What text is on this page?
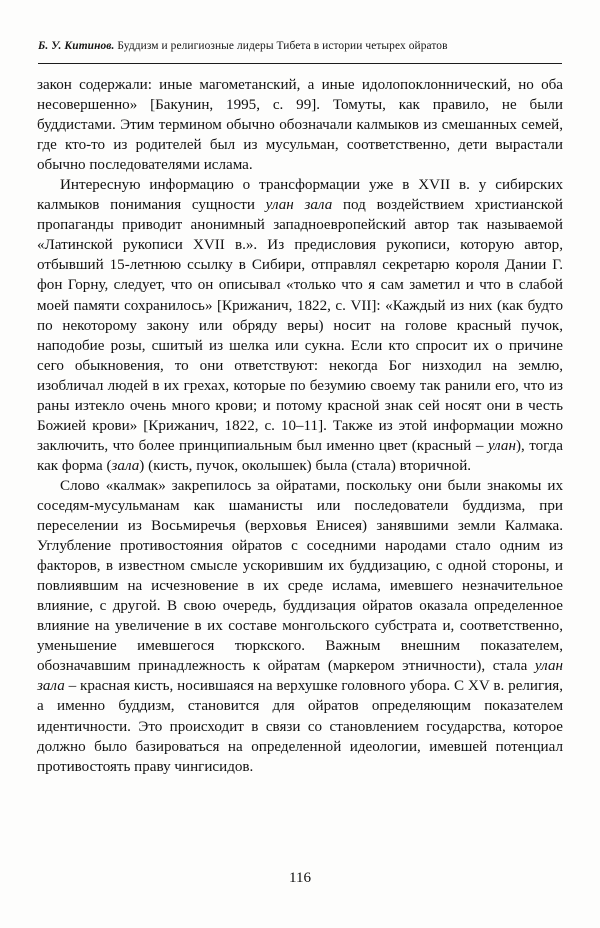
Б. У. Китинов. Буддизм и религиозные лидеры Тибета в истории четырех ойратов

закон содержали: иные магометанский, а иные идолопоклоннический, но оба несовершенно» [Бакунин, 1995, с. 99]. Томуты, как правило, не были буддистами. Этим термином обычно обозначали калмыков из смешанных семей, где кто-то из родителей был из мусульман, соответственно, дети вырастали обычно последователями ислама.

Интересную информацию о трансформации уже в XVII в. у сибирских калмыков понимания сущности улан зала под воздействием христианской пропаганды приводит анонимный западноевропейский автор так называемой «Латинской рукописи XVII в.». Из предисловия рукописи, которую автор, отбывший 15-летнюю ссылку в Сибири, отправлял секретарю короля Дании Г. фон Горну, следует, что он описывал «только что я сам заметил и что в слабой моей памяти сохранилось» [Крижанич, 1822, с. VII]: «Каждый из них (как будто по некоторому закону или обряду веры) носит на голове красный пучок, наподобие розы, сшитый из шелка или сукна. Если кто спросит их о причине сего обыкновения, то они ответствуют: некогда Бог низходил на землю, изобличал людей в их грехах, которые по безумию своему так ранили его, что из раны изтекло очень много крови; и потому красной знак сей носят они в честь Божией крови» [Крижанич, 1822, с. 10–11]. Также из этой информации можно заключить, что более принципиальным был именно цвет (красный – улан), тогда как форма (зала) (кисть, пучок, околышек) была (стала) вторичной.

Слово «калмак» закрепилось за ойратами, поскольку они были знакомы их соседям-мусульманам как шаманисты или последователи буддизма, при переселении из Восьмиречья (верховья Енисея) занявшими земли Калмака. Углубление противостояния ойратов с соседними народами стало одним из факторов, в известном смысле ускорившим их буддизацию, с одной стороны, и повлиявшим на исчезновение в их среде ислама, имевшего незначительное влияние, с другой. В свою очередь, буддизация ойратов оказала определенное влияние на увеличение в их составе монгольского субстрата и, соответственно, уменьшение имевшегося тюркского. Важным внешним показателем, обозначавшим принадлежность к ойратам (маркером этничности), стала улан зала – красная кисть, носившаяся на верхушке головного убора. С XV в. религия, а именно буддизм, становится для ойратов определяющим показателем идентичности. Это происходит в связи со становлением государства, которое должно было базироваться на определенной идеологии, имевшей потенциал противостоять праву чингисидов.

116
